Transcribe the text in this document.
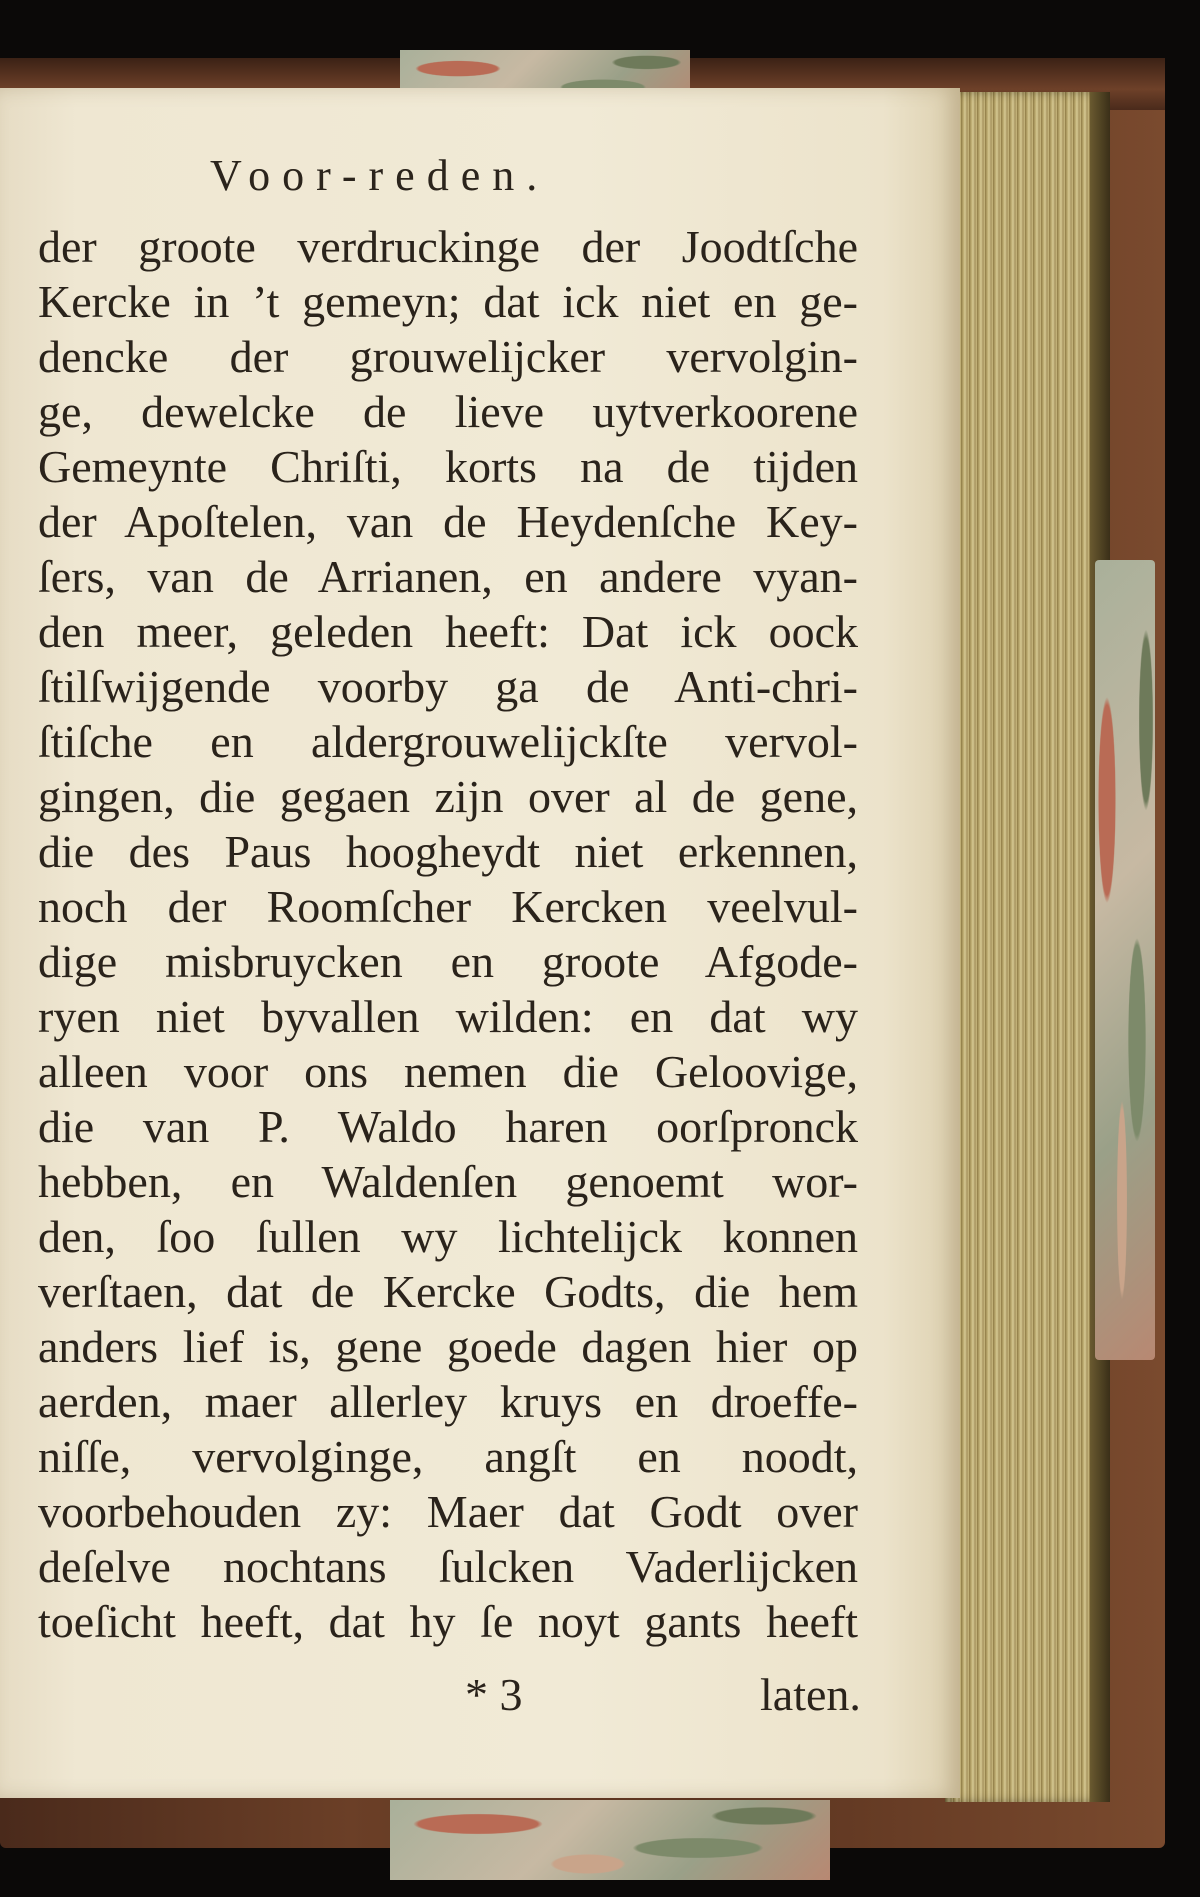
Voor-reden.
der groote verdruckinge der Joodtſche
Kercke in ’t gemeyn; dat ick niet en ge-
dencke der grouwelijcker vervolgin-
ge, dewelcke de lieve uytverkoorene
Gemeynte Chriſti, korts na de tijden
der Apoſtelen, van de Heydenſche Key-
ſers, van de Arrianen, en andere vyan-
den meer, geleden heeft: Dat ick oock
ſtilſwijgende voorby ga de Anti-chri-
ſtiſche en aldergrouwelijckſte vervol-
gingen, die gegaen zijn over al de gene,
die des Paus hoogheydt niet erkennen,
noch der Roomſcher Kercken veelvul-
dige misbruycken en groote Afgode-
ryen niet byvallen wilden: en dat wy
alleen voor ons nemen die Geloovige,
die van P. Waldo haren oorſpronck
hebben, en Waldenſen genoemt wor-
den, ſoo ſullen wy lichtelijck konnen
verſtaen, dat de Kercke Godts, die hem
anders lief is, gene goede dagen hier op
aerden, maer allerley kruys en droeffe-
niſſe, vervolginge, angſt en noodt,
voorbehouden zy: Maer dat Godt over
deſelve nochtans ſulcken Vaderlijcken
toeſicht heeft, dat hy ſe noyt gants heeft
* 3	laten.
